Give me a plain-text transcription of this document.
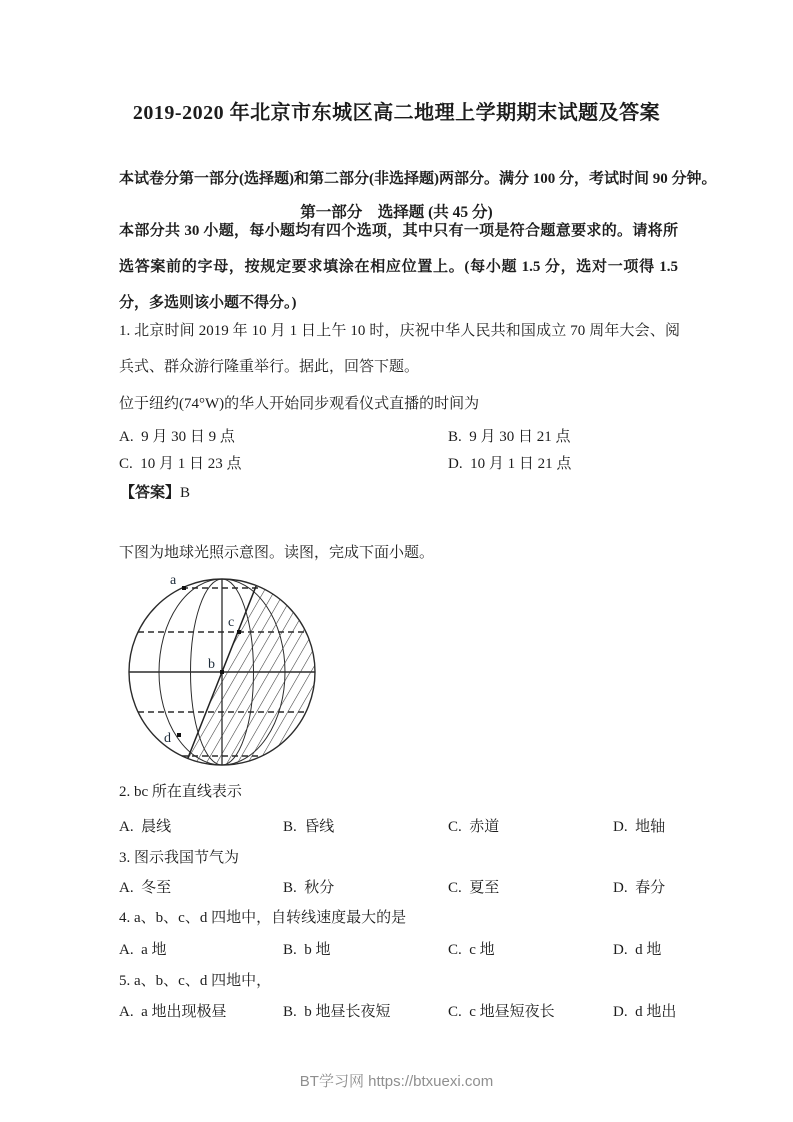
2019-2020 年北京市东城区高二地理上学期期末试题及答案
本试卷分第一部分(选择题)和第二部分(非选择题)两部分。满分 100 分，考试时间 90 分钟。
第一部分　选择题 (共 45 分)
本部分共 30 小题，每小题均有四个选项，其中只有一项是符合题意要求的。请将所选答案前的字母，按规定要求填涂在相应位置上。(每小题 1.5 分，选对一项得 1.5 分，多选则该小题不得分。)
1. 北京时间 2019 年 10 月 1 日上午 10 时，庆祝中华人民共和国成立 70 周年大会、阅兵式、群众游行隆重举行。据此，回答下题。
位于纽约(74°W)的华人开始同步观看仪式直播的时间为
A.  9 月 30 日 9 点	B.  9 月 30 日 21 点
C.  10 月 1 日 23 点	D.  10 月 1 日 21 点
【答案】B
下图为地球光照示意图。读图，完成下面小题。
a
c
b
d
2. bc 所在直线表示
A.  晨线	B.  昏线	C.  赤道	D.  地轴
3. 图示我国节气为
A.  冬至	B.  秋分	C.  夏至	D.  春分
4. a、b、c、d 四地中，自转线速度最大的是
A.  a 地	B.  b 地	C.  c 地	D.  d 地
5. a、b、c、d 四地中，
A.  a 地出现极昼	B.  b 地昼长夜短	C.  c 地昼短夜长	D.  d 地出
BT学习网 https://btxuexi.com
